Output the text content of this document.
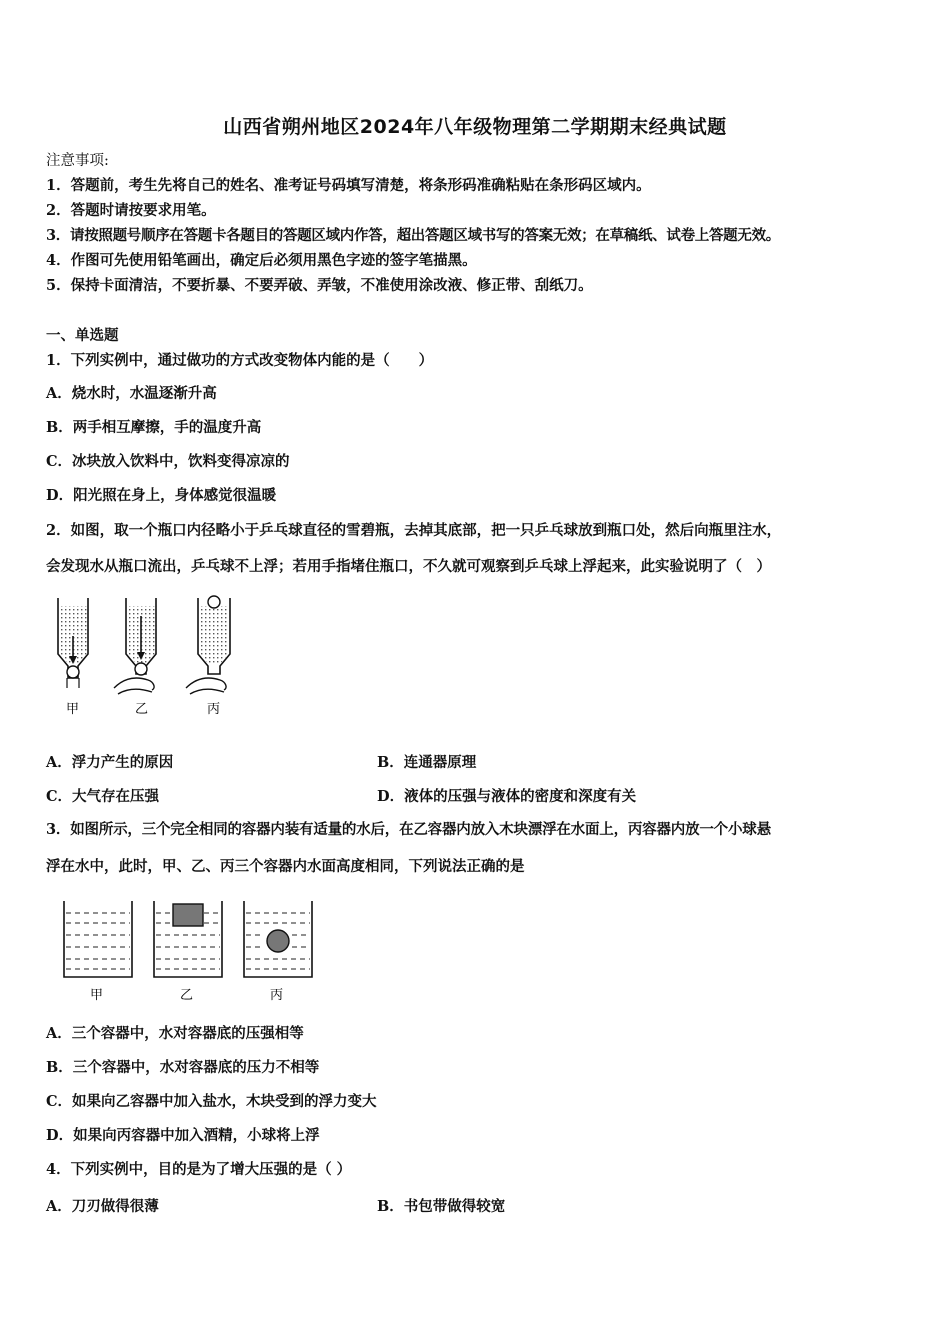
山西省朔州地区2024年八年级物理第二学期期末经典试题
注意事项:
1．答题前，考生先将自己的姓名、准考证号码填写清楚，将条形码准确粘贴在条形码区域内。
2．答题时请按要求用笔。
3．请按照题号顺序在答题卡各题目的答题区域内作答，超出答题区域书写的答案无效；在草稿纸、试卷上答题无效。
4．作图可先使用铅笔画出，确定后必须用黑色字迹的签字笔描黑。
5．保持卡面清洁，不要折暴、不要弄破、弄皱，不准使用涂改液、修正带、刮纸刀。
一、单选题
1．下列实例中，通过做功的方式改变物体内能的是（　　）
A．烧水时，水温逐渐升高
B．两手相互摩擦，手的温度升高
C．冰块放入饮料中，饮料变得凉凉的
D．阳光照在身上，身体感觉很温暖
2．如图，取一个瓶口内径略小于乒乓球直径的雪碧瓶，去掉其底部，把一只乒乓球放到瓶口处，然后向瓶里注水，
会发现水从瓶口流出，乒乓球不上浮；若用手指堵住瓶口，不久就可观察到乒乓球上浮起来，此实验说明了（　）
甲	乙	丙
A．浮力产生的原因	B．连通器原理
C．大气存在压强	D．液体的压强与液体的密度和深度有关
3．如图所示，三个完全相同的容器内装有适量的水后，在乙容器内放入木块漂浮在水面上，丙容器内放一个小球悬
浮在水中，此时，甲、乙、丙三个容器内水面高度相同，下列说法正确的是
甲	乙	丙
A．三个容器中，水对容器底的压强相等
B．三个容器中，水对容器底的压力不相等
C．如果向乙容器中加入盐水，木块受到的浮力变大
D．如果向丙容器中加入酒精，小球将上浮
4．下列实例中，目的是为了增大压强的是（ ）
A．刀刃做得很薄	B．书包带做得较宽
